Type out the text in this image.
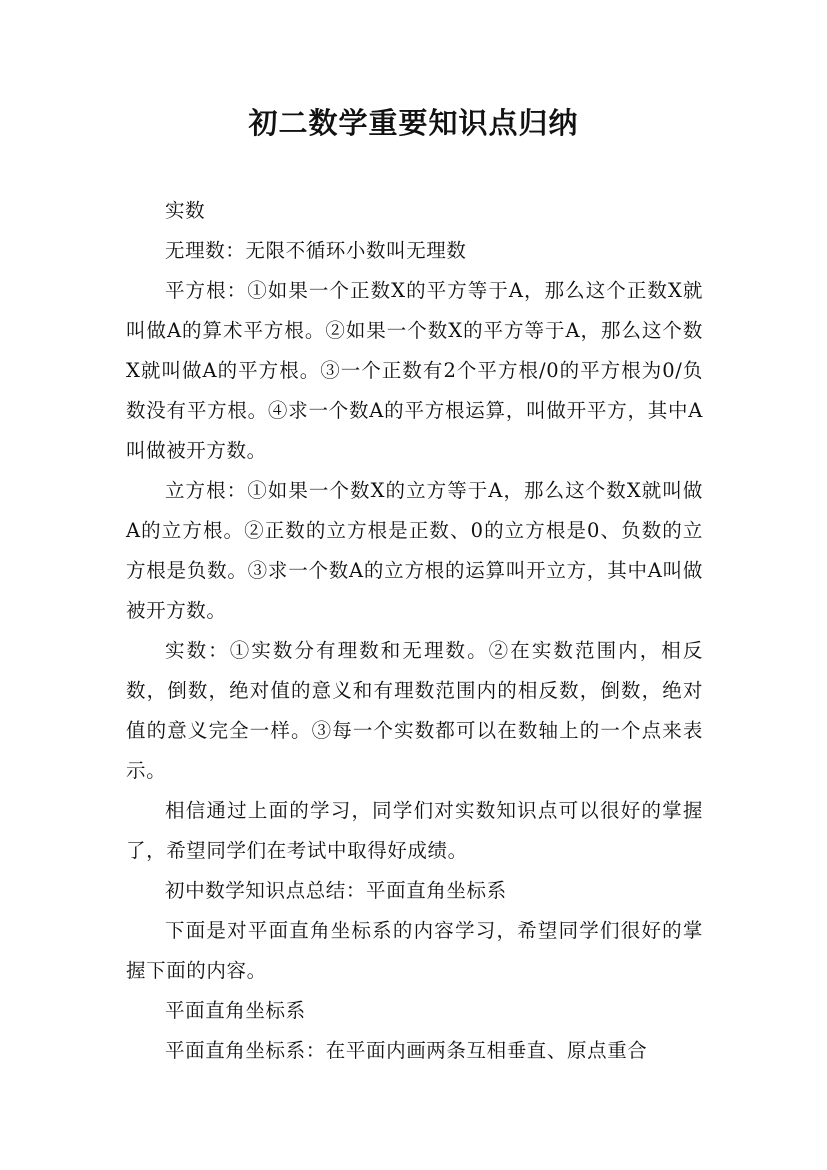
初二数学重要知识点归纳

实数

无理数：无限不循环小数叫无理数

平方根：①如果一个正数X的平方等于A，那么这个正数X就叫做A的算术平方根。②如果一个数X的平方等于A，那么这个数X就叫做A的平方根。③一个正数有2个平方根/0的平方根为0/负数没有平方根。④求一个数A的平方根运算，叫做开平方，其中A叫做被开方数。

立方根：①如果一个数X的立方等于A，那么这个数X就叫做A的立方根。②正数的立方根是正数、0的立方根是0、负数的立方根是负数。③求一个数A的立方根的运算叫开立方，其中A叫做被开方数。

实数：①实数分有理数和无理数。②在实数范围内，相反数，倒数，绝对值的意义和有理数范围内的相反数，倒数，绝对值的意义完全一样。③每一个实数都可以在数轴上的一个点来表示。

相信通过上面的学习，同学们对实数知识点可以很好的掌握了，希望同学们在考试中取得好成绩。

初中数学知识点总结：平面直角坐标系

下面是对平面直角坐标系的内容学习，希望同学们很好的掌握下面的内容。

平面直角坐标系

平面直角坐标系：在平面内画两条互相垂直、原点重合
